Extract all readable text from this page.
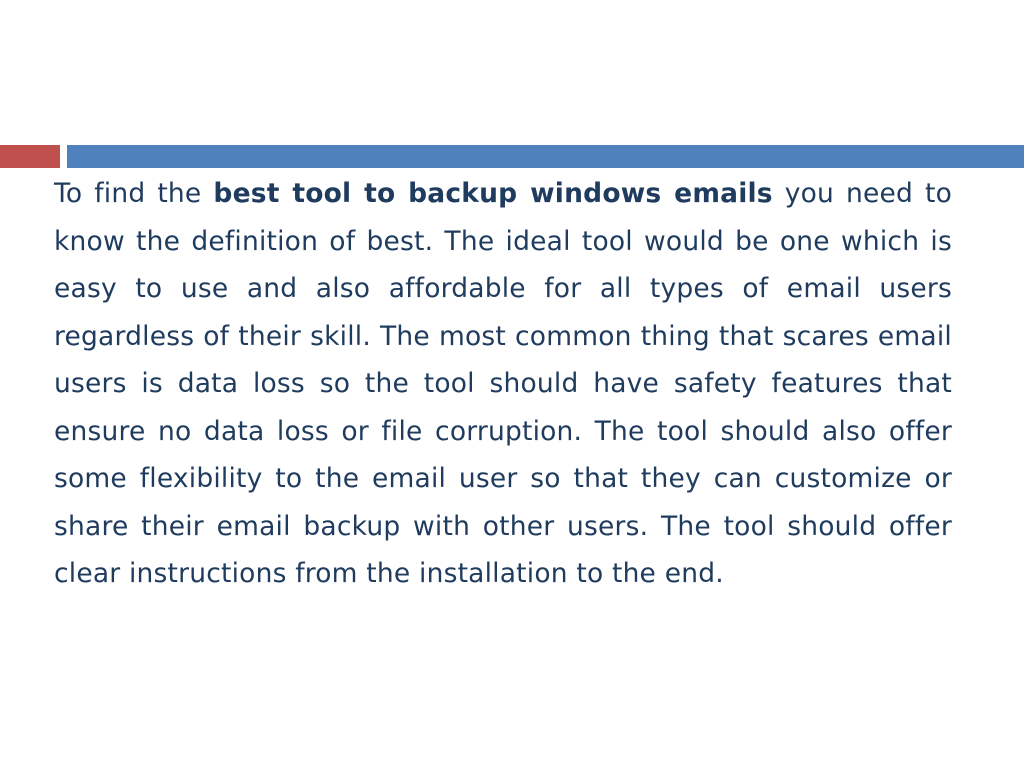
To find the best tool to backup windows emails you need to know the definition of best. The ideal tool would be one which is easy to use and also affordable for all types of email users regardless of their skill. The most common thing that scares email users is data loss so the tool should have safety features that ensure no data loss or file corruption. The tool should also offer some flexibility to the email user so that they can customize or share their email backup with other users. The tool should offer clear instructions from the installation to the end.
